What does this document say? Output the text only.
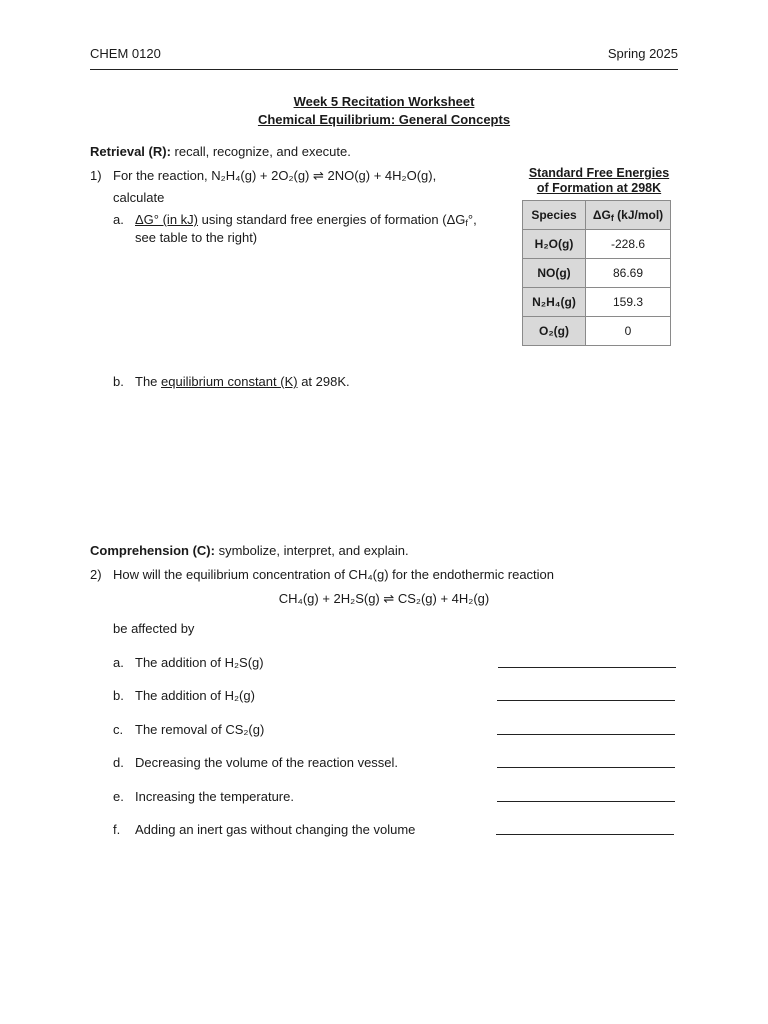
CHEM 0120	Spring 2025
Week 5 Recitation Worksheet
Chemical Equilibrium: General Concepts
Retrieval (R): recall, recognize, and execute.
1) For the reaction, N₂H₄(g) + 2O₂(g) ⇌ 2NO(g) + 4H₂O(g),
calculate
a. ΔG° (in kJ) using standard free energies of formation ($\Delta G_f^\circ$,
see table to the right)
b. The equilibrium constant (K) at 298K.
Standard Free Energies
of Formation at 298K
Species	$\Delta G_f$ (kJ/mol)
H₂O(g)	-228.6
NO(g)	86.69
N₂H₄(g)	159.3
O₂(g)	0
Comprehension (C): symbolize, interpret, and explain.
2) How will the equilibrium concentration of CH₄(g) for the endothermic reaction
CH₄(g) + 2H₂S(g) ⇌ CS₂(g) + 4H₂(g)
be affected by
a. The addition of H₂S(g)
b. The addition of H₂(g)
c. The removal of CS₂(g)
d. Decreasing the volume of the reaction vessel.
e. Increasing the temperature.
f. Adding an inert gas without changing the volume
